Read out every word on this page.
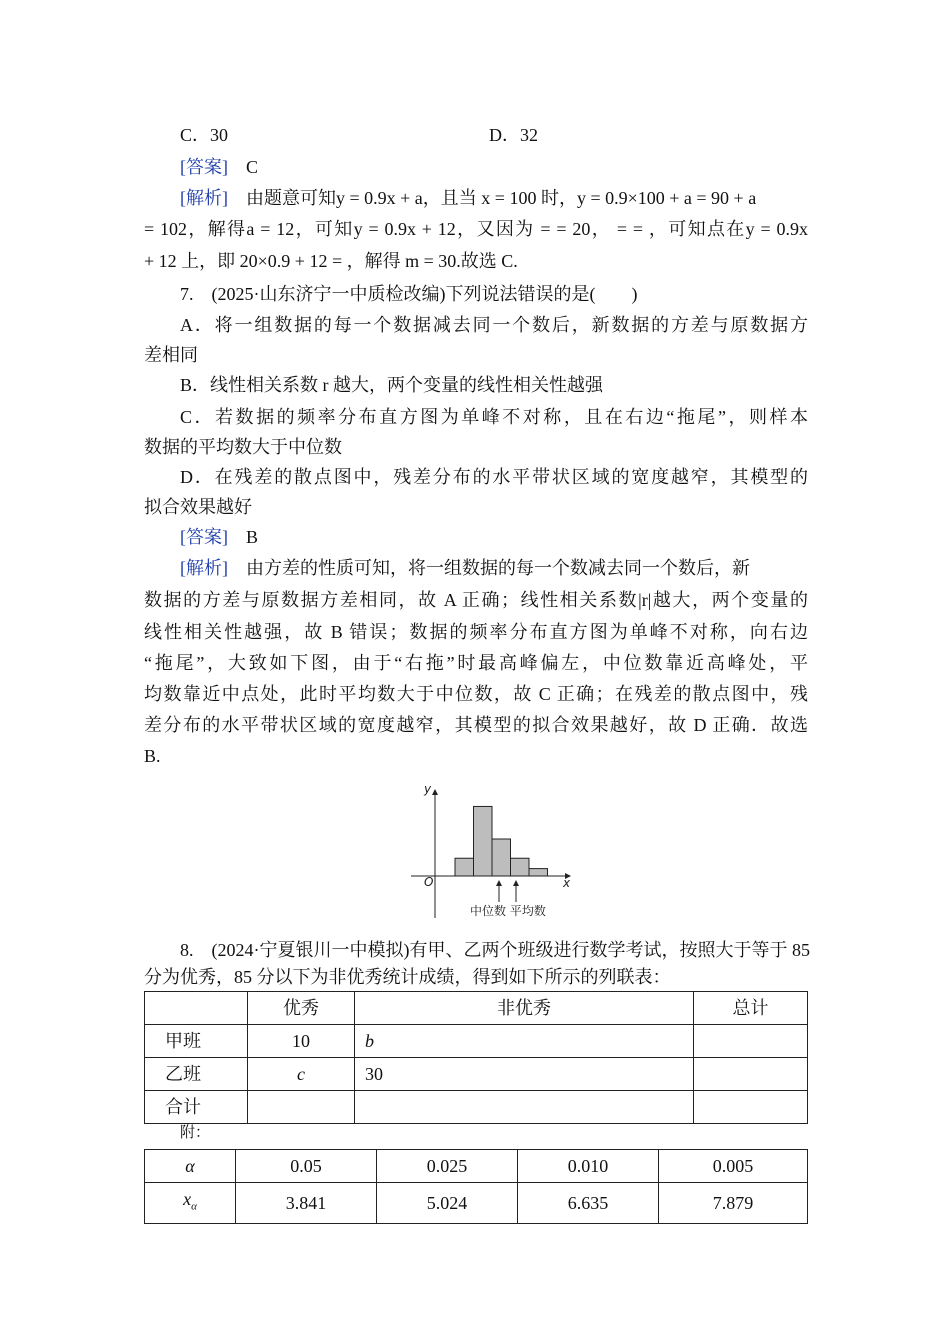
C．30	D．32
[答案] C
[解析] 由题意可知y = 0.9x + a，且当 x = 100 时，y = 0.9×100 + a = 90 + a
= 102，解得a = 12，可知y = 0.9x + 12，又因为 = = 20， = = ，可知点在y = 0.9x
+ 12 上，即 20×0.9 + 12 = ，解得 m = 30.故选 C.
7.　(2025·山东济宁一中质检改编)下列说法错误的是(　　)
A．将一组数据的每一个数据减去同一个数后，新数据的方差与原数据方
差相同
B．线性相关系数 r 越大，两个变量的线性相关性越强
C．若数据的频率分布直方图为单峰不对称，且在右边“拖尾”，则样本
数据的平均数大于中位数
D．在残差的散点图中，残差分布的水平带状区域的宽度越窄，其模型的
拟合效果越好
[答案] B
[解析] 由方差的性质可知，将一组数据的每一个数减去同一个数后，新
数据的方差与原数据方差相同，故 A 正确；线性相关系数|r|越大，两个变量的
线性相关性越强，故 B 错误；数据的频率分布直方图为单峰不对称，向右边
“拖尾”，大致如下图，由于“右拖”时最高峰偏左，中位数靠近高峰处，平
均数靠近中点处，此时平均数大于中位数，故 C 正确；在残差的散点图中，残
差分布的水平带状区域的宽度越窄，其模型的拟合效果越好，故 D 正确．故选
B.
y
x
O
中位数 平均数
8.　(2024·宁夏银川一中模拟)有甲、乙两个班级进行数学考试，按照大于等于 85
分为优秀，85 分以下为非优秀统计成绩，得到如下所示的列联表：
	优秀	非优秀	总计
甲班	10	b	
乙班	c	30	
合计			
附：
α	0.05	0.025	0.010	0.005
$x_\alpha$	3.841	5.024	6.635	7.879
